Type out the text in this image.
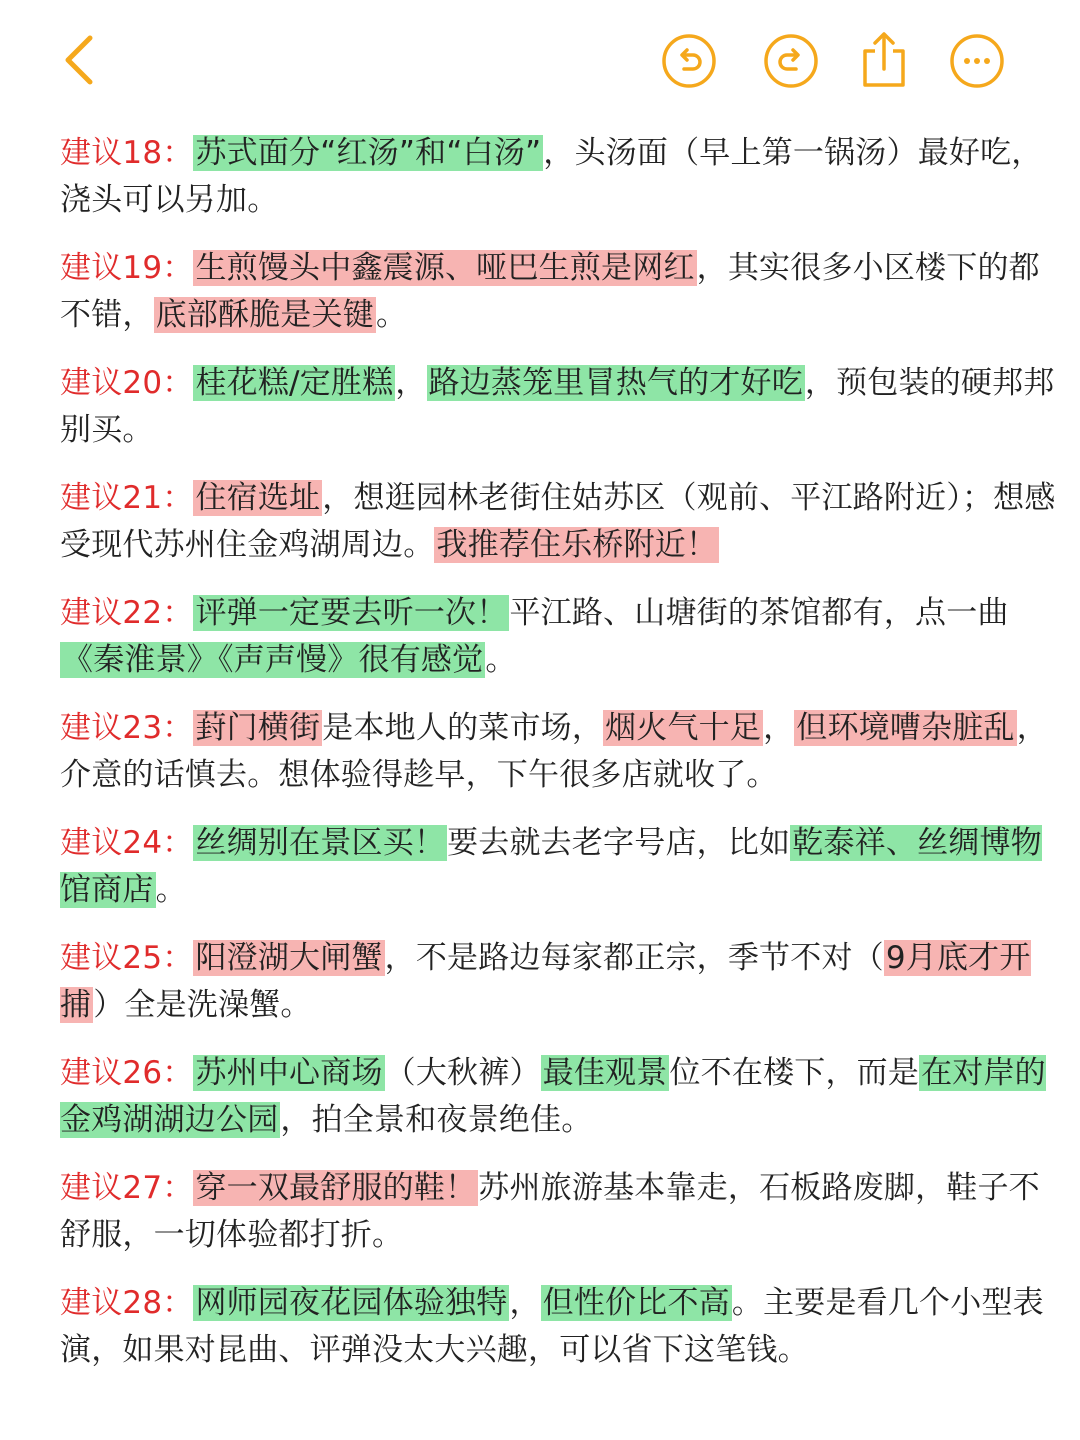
建议18：苏式面分“红汤”和“白汤”，头汤面（早上第一锅汤）最好吃，浇头可以另加。
建议19：生煎馒头中鑫震源、哑巴生煎是网红，其实很多小区楼下的都不错，底部酥脆是关键。
建议20：桂花糕/定胜糕，路边蒸笼里冒热气的才好吃，预包装的硬邦邦别买。
建议21：住宿选址，想逛园林老街住姑苏区（观前、平江路附近）；想感受现代苏州住金鸡湖周边。我推荐住乐桥附近！
建议22：评弹一定要去听一次！平江路、山塘街的茶馆都有，点一曲《秦淮景》《声声慢》很有感觉。
建议23：葑门横街是本地人的菜市场，烟火气十足，但环境嘈杂脏乱，介意的话慎去。想体验得趁早，下午很多店就收了。
建议24：丝绸别在景区买！要去就去老字号店，比如乾泰祥、丝绸博物馆商店。
建议25：阳澄湖大闸蟹，不是路边每家都正宗，季节不对（9月底才开捕）全是洗澡蟹。
建议26：苏州中心商场（大秋裤）最佳观景位不在楼下，而是在对岸的金鸡湖湖边公园，拍全景和夜景绝佳。
建议27：穿一双最舒服的鞋！苏州旅游基本靠走，石板路废脚，鞋子不舒服，一切体验都打折。
建议28：网师园夜花园体验独特，但性价比不高。主要是看几个小型表演，如果对昆曲、评弹没太大兴趣，可以省下这笔钱。
